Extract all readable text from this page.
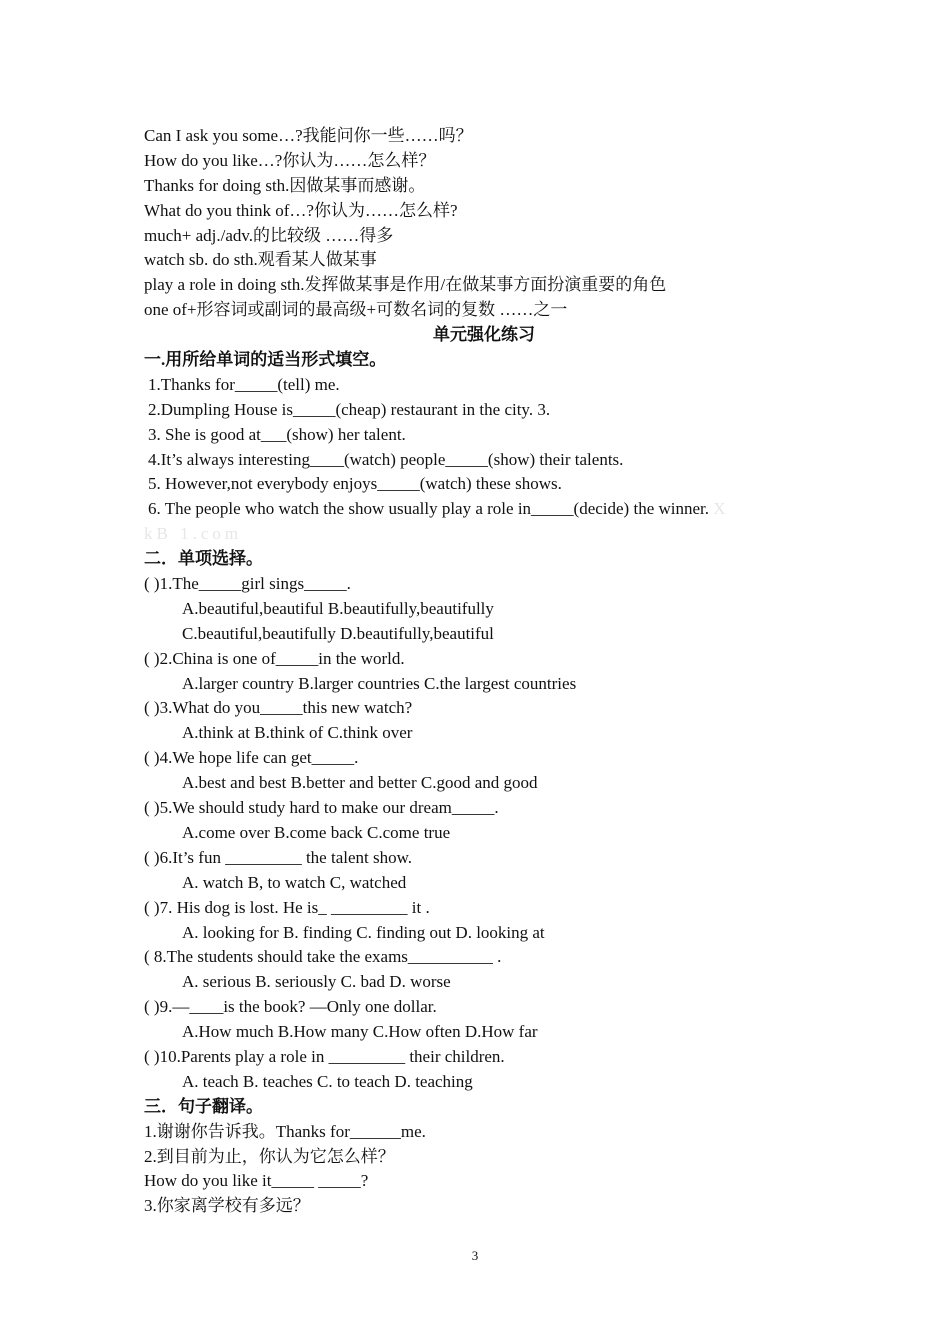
Can I ask you some…?我能问你一些……吗？
How do you like…?你认为……怎么样？
Thanks for doing sth.因做某事而感谢。
What do you think of…?你认为……怎么样?
much+ adj./adv.的比较级 ……得多
watch sb. do sth.观看某人做某事
play a role in doing sth.发挥做某事是作用/在做某事方面扮演重要的角色
one of+形容词或副词的最高级+可数名词的复数 ……之一
单元强化练习
一.用所给单词的适当形式填空。
1.Thanks for_____(tell) me.
2.Dumpling House is_____(cheap) restaurant in the city. 3.
3. She is good at___(show) her talent.
4.It’s always interesting____(watch) people_____(show) their talents.
5. However,not everybody enjoys_____(watch) these shows.
6. The people who watch the show usually play a role in_____(decide) the winner. X
kB 1.com
二．单项选择。
( )1.The_____girl sings_____.
A.beautiful,beautiful B.beautifully,beautifully
C.beautiful,beautifully D.beautifully,beautiful
( )2.China is one of_____in the world.
A.larger country B.larger countries C.the largest countries
( )3.What do you_____this new watch?
A.think at B.think of C.think over
( )4.We hope life can get_____.
A.best and best B.better and better C.good and good
( )5.We should study hard to make our dream_____.
A.come over B.come back C.come true
( )6.It’s fun _________ the talent show.
A. watch B, to watch C, watched
( )7. His dog is lost. He is_ _________ it .
A. looking for B. finding C. finding out D. looking at
( 8.The students should take the exams__________ .
A. serious B. seriously C. bad D. worse
( )9.—____is the book? —Only one dollar.
A.How much B.How many C.How often D.How far
( )10.Parents play a role in _________ their children.
A. teach B. teaches C. to teach D. teaching
三．句子翻译。
1.谢谢你告诉我。Thanks for______me.
2.到目前为止，你认为它怎么样？
How do you like it_____ _____?
3.你家离学校有多远？
3
